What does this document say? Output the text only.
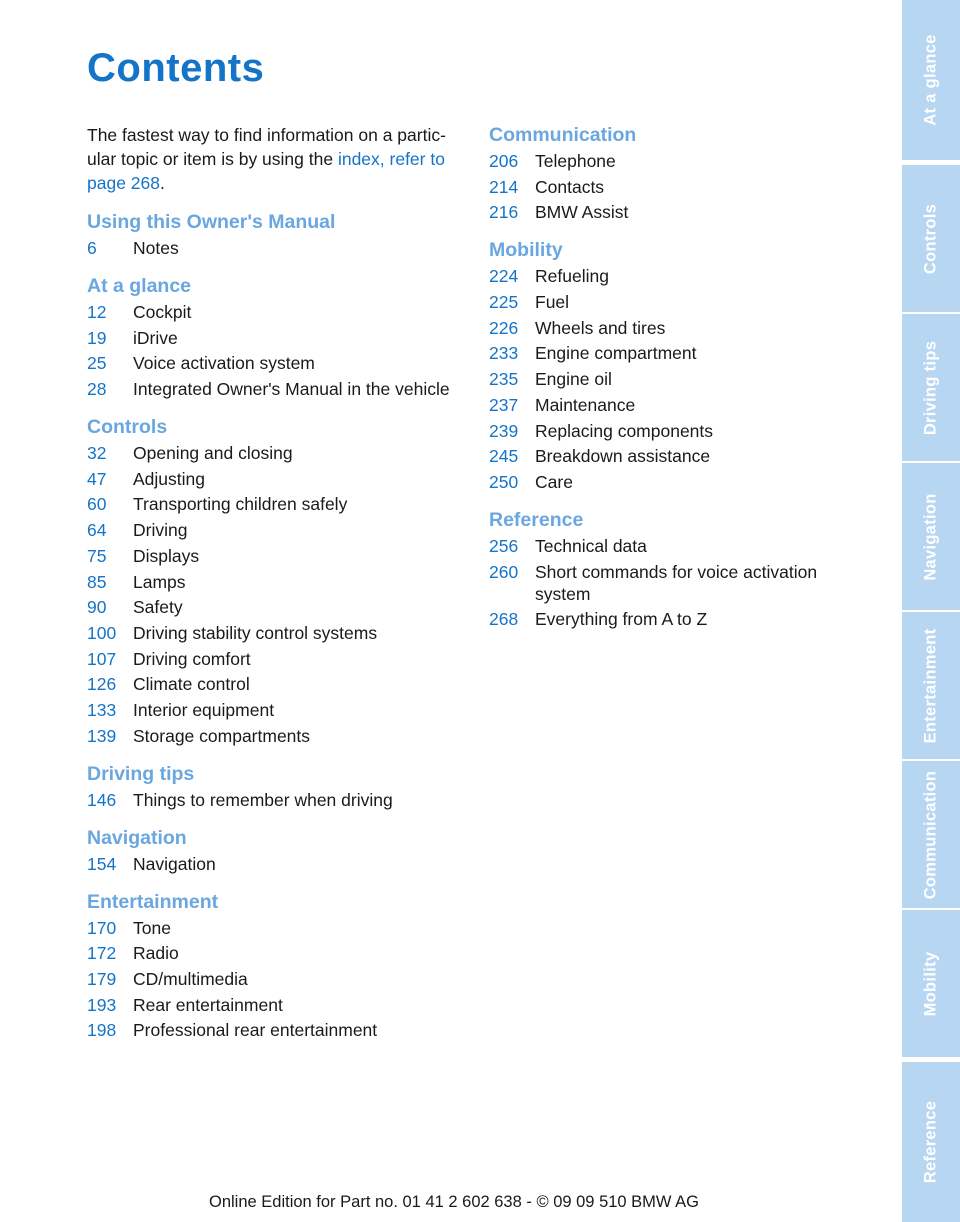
Contents

The fastest way to find information on a partic-ular topic or item is by using the index, refer to page 268.

Using this Owner's Manual
6	Notes
At a glance
12	Cockpit
19	iDrive
25	Voice activation system
28	Integrated Owner's Manual in the vehicle
Controls
32	Opening and closing
47	Adjusting
60	Transporting children safely
64	Driving
75	Displays
85	Lamps
90	Safety
100 Driving stability control systems
107 Driving comfort
126 Climate control
133 Interior equipment
139 Storage compartments
Driving tips
146 Things to remember when driving
Navigation
154 Navigation
Entertainment
170 Tone
172 Radio
179 CD/multimedia
193 Rear entertainment
198 Professional rear entertainment
Communication
206 Telephone
214 Contacts
216 BMW Assist
Mobility
224 Refueling
225 Fuel
226 Wheels and tires
233 Engine compartment
235 Engine oil
237 Maintenance
239 Replacing components
245 Breakdown assistance
250 Care
Reference
256 Technical data
260 Short commands for voice activation system
268 Everything from A to Z
At a glance
Controls
Driving tips
Navigation
Entertainment
Communication
Mobility
Reference
Online Edition for Part no. 01 41 2 602 638 - © 09 09 510 BMW AG
